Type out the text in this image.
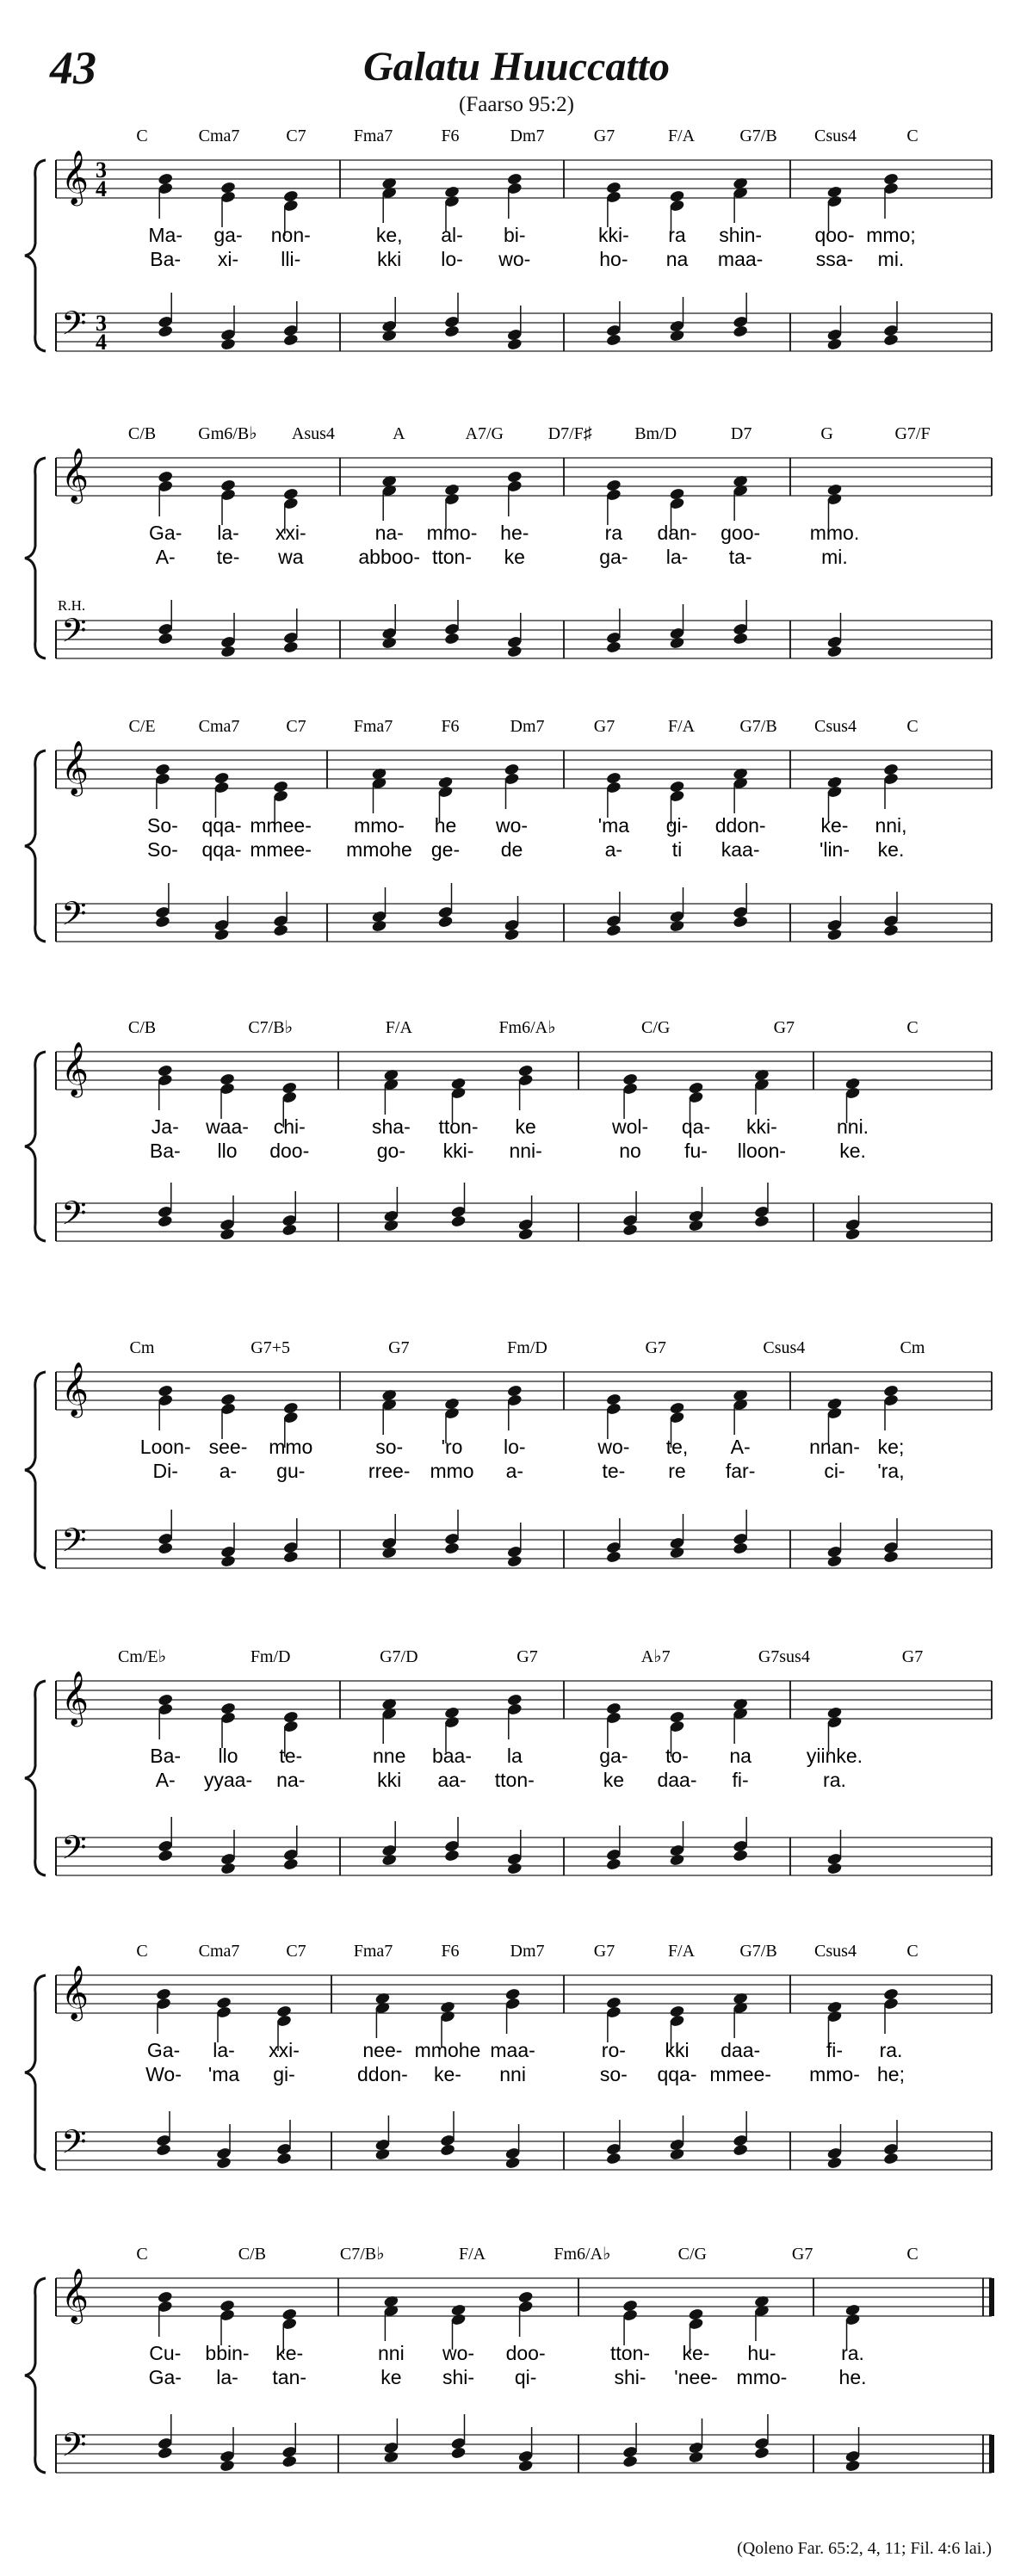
43	Galatu Huuccatto
(Faarso 95:2)
𝄞 3
4
𝄢 3
4
C	Cma7	C7	Fma7	F6	Dm7	G7	F/A	G7/B Csus4	C
Ma- ga- non-	ke, al- bi-	kki- ra shin-	qoo- mmo;
Ba- xi- lli-	kki lo- wo-	ho- na maa-	ssa- mi.
𝄞
𝄢
C/B Gm6/B♭ Asus4	A	A7/G	D7/F♯ Bm/D	D7	G	G7/F
Ga- la- xxi-	na- mmo- he-	ra dan- goo-	mmo.
A- te- wa	abboo- tton- ke	ga- la- ta-	mi.
R.H.
𝄞
𝄢
C/E	Cma7	C7	Fma7	F6	Dm7	G7	F/A	G7/B Csus4	C
So- qqa- mmee- mmo- he wo-	'ma gi- ddon-	ke- nni,
So- qqa- mmee- mmohe ge- de	a-	ti kaa-	'lin- ke.
𝄞
𝄢
C/B	C7/B♭	F/A	Fm6/A♭	C/G	G7	C
Ja- waa- chi-	sha- tton- ke	wol- qa- kki-	nni.
Ba- llo doo-	go- kki- nni-	no fu- lloon-	ke.
𝄞
𝄢
Cm	G7+5	G7	Fm/D	G7	Csus4	Cm
Loon- see- mmo	so- 'ro lo-	wo- te, A-	nnan- ke;
Di- a- gu-	rree- mmo a-	te- re far-	ci- 'ra,
𝄞
𝄢
Cm/E♭	Fm/D	G7/D	G7	A♭7	G7sus4	G7
Ba- llo te-	nne baa- la	ga- to- na	yiinke.
A- yyaa- na-	kki aa- tton-	ke daa- fi-	ra.
𝄞
𝄢
C	Cma7	C7	Fma7	F6	Dm7	G7	F/A	G7/B Csus4	C
Ga- la- xxi-	nee- mmohe maa-	ro- kki daa-	fi- ra.
Wo- 'ma gi-	ddon- ke- nni	so- qqa- mmee- mmo- he;
𝄞
𝄢
C	C/B	C7/B♭	F/A	Fm6/A♭	C/G	G7	C
Cu- bbin- ke-	nni wo- doo-	tton- ke- hu-	ra.
Ga- la- tan-	ke shi- qi-	shi- 'nee- mmo-	he.
(Qoleno Far. 65:2, 4, 11; Fil. 4:6 lai.)
